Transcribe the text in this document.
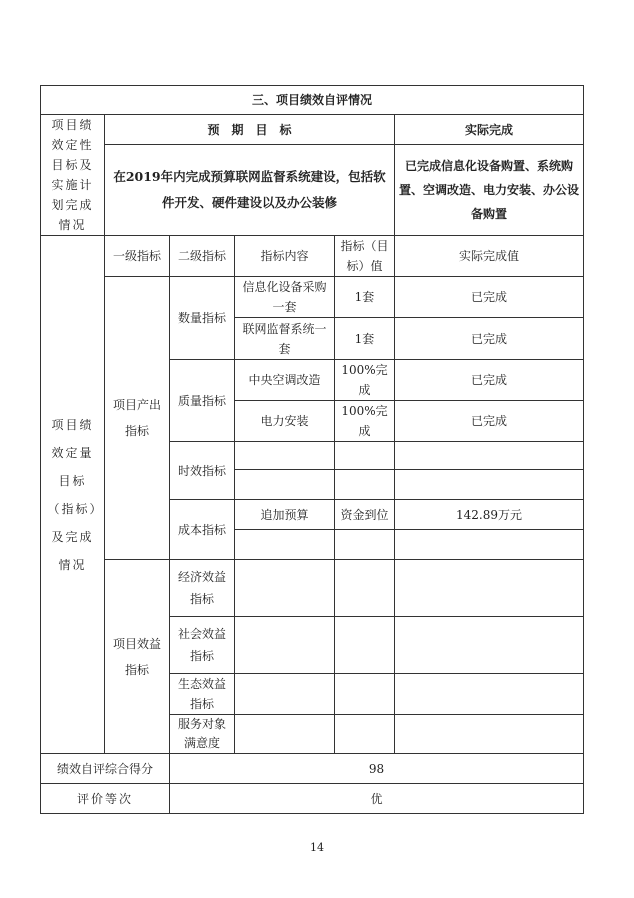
三、项目绩效自评情况					
项目绩效定性目标及实施计划完成情况	预　期　目　标				实际完成
	在2019年内完成预算联网监督系统建设，包括软件开发、硬件建设以及办公装修				已完成信息化设备购置、系统购置、空调改造、电力安装、办公设备购置
项目绩效定量目标（指标）及完成情况	一级指标	二级指标	指标内容	指标（目标）值	实际完成值
	项目产出指标	数量指标	信息化设备采购一套	1套	已完成
			联网监督系统一套	1套	已完成
		质量指标	中央空调改造	100%完成	已完成
			电力安装	100%完成	已完成
		时效指标			

		成本指标	追加预算	资金到位	142.89万元

	项目效益指标	经济效益指标			
		社会效益指标			
		生态效益指标			
		服务对象满意度			
绩效自评综合得分		98			
评价等次		优			
14
